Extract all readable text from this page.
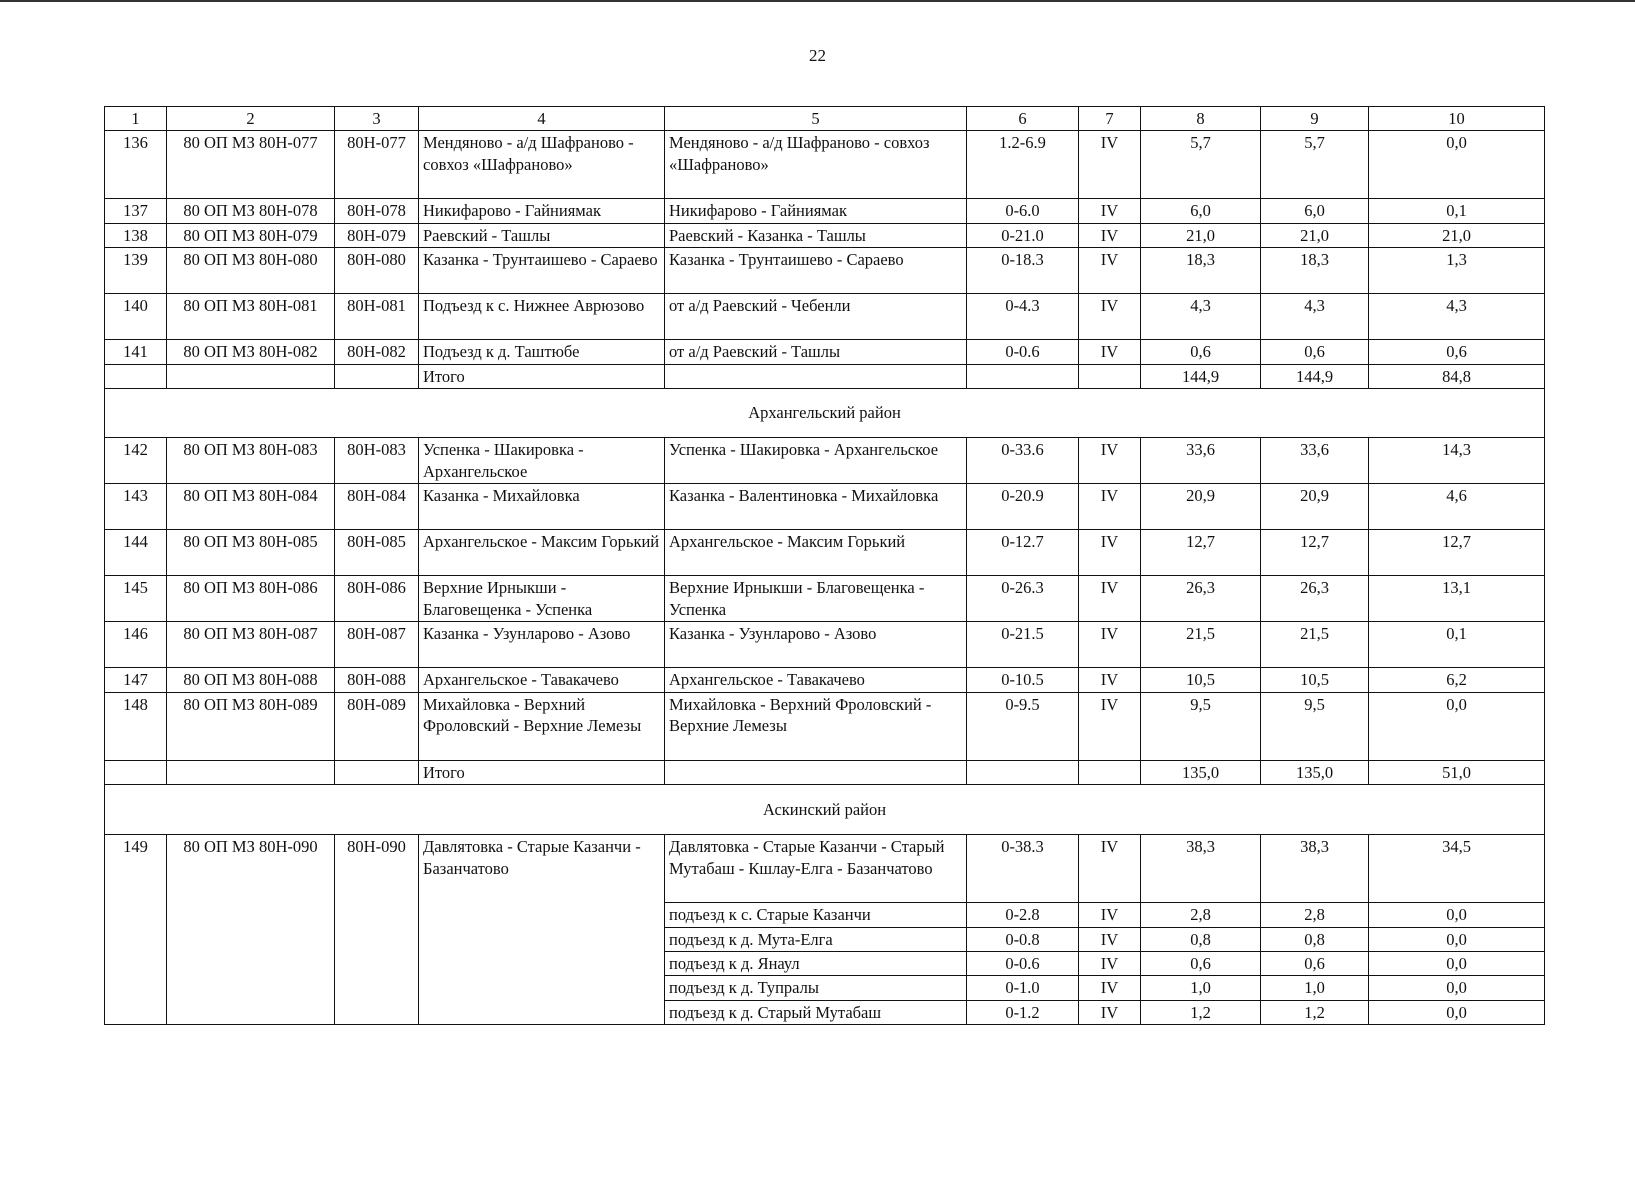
22
1	2	3	4	5	6	7	8	9	10
136	80 ОП МЗ 80Н-077	80Н-077	Мендяново - а/д Шафраново - совхоз «Шафраново»	Мендяново - а/д Шафраново - совхоз «Шафраново»	1.2-6.9	IV	5,7	5,7	0,0
137	80 ОП МЗ 80Н-078	80Н-078	Никифарово - Гайниямак	Никифарово - Гайниямак	0-6.0	IV	6,0	6,0	0,1
138	80 ОП МЗ 80Н-079	80Н-079	Раевский - Ташлы	Раевский - Казанка - Ташлы	0-21.0	IV	21,0	21,0	21,0
139	80 ОП МЗ 80Н-080	80Н-080	Казанка - Трунтаишево - Сараево	Казанка - Трунтаишево - Сараево	0-18.3	IV	18,3	18,3	1,3
140	80 ОП МЗ 80Н-081	80Н-081	Подъезд к с. Нижнее Аврюзово	от а/д Раевский - Чебенли	0-4.3	IV	4,3	4,3	4,3
141	80 ОП МЗ 80Н-082	80Н-082	Подъезд к д. Таштюбе	от а/д Раевский - Ташлы	0-0.6	IV	0,6	0,6	0,6
			Итого				144,9	144,9	84,8
Архангельский район									
142	80 ОП МЗ 80Н-083	80Н-083	Успенка - Шакировка - Архангельское	Успенка - Шакировка - Архангельское	0-33.6	IV	33,6	33,6	14,3
143	80 ОП МЗ 80Н-084	80Н-084	Казанка - Михайловка	Казанка - Валентиновка - Михайловка	0-20.9	IV	20,9	20,9	4,6
144	80 ОП МЗ 80Н-085	80Н-085	Архангельское - Максим Горький	Архангельское - Максим Горький	0-12.7	IV	12,7	12,7	12,7
145	80 ОП МЗ 80Н-086	80Н-086	Верхние Ирныкши - Благовещенка - Успенка	Верхние Ирныкши - Благовещенка - Успенка	0-26.3	IV	26,3	26,3	13,1
146	80 ОП МЗ 80Н-087	80Н-087	Казанка - Узунларово - Азово	Казанка - Узунларово - Азово	0-21.5	IV	21,5	21,5	0,1
147	80 ОП МЗ 80Н-088	80Н-088	Архангельское - Тавакачево	Архангельское - Тавакачево	0-10.5	IV	10,5	10,5	6,2
148	80 ОП МЗ 80Н-089	80Н-089	Михайловка - Верхний Фроловский - Верхние Лемезы	Михайловка - Верхний Фроловский - Верхние Лемезы	0-9.5	IV	9,5	9,5	0,0
			Итого				135,0	135,0	51,0
Аскинский район									
149	80 ОП МЗ 80Н-090	80Н-090	Давлятовка - Старые Казанчи - Базанчатово	Давлятовка - Старые Казанчи - Старый Мутабаш - Кшлау-Елга - Базанчатово	0-38.3	IV	38,3	38,3	34,5
				подъезд к с. Старые Казанчи	0-2.8	IV	2,8	2,8	0,0
				подъезд к д. Мута-Елга	0-0.8	IV	0,8	0,8	0,0
				подъезд к д. Янаул	0-0.6	IV	0,6	0,6	0,0
				подъезд к д. Тупралы	0-1.0	IV	1,0	1,0	0,0
				подъезд к д. Старый Мутабаш	0-1.2	IV	1,2	1,2	0,0
